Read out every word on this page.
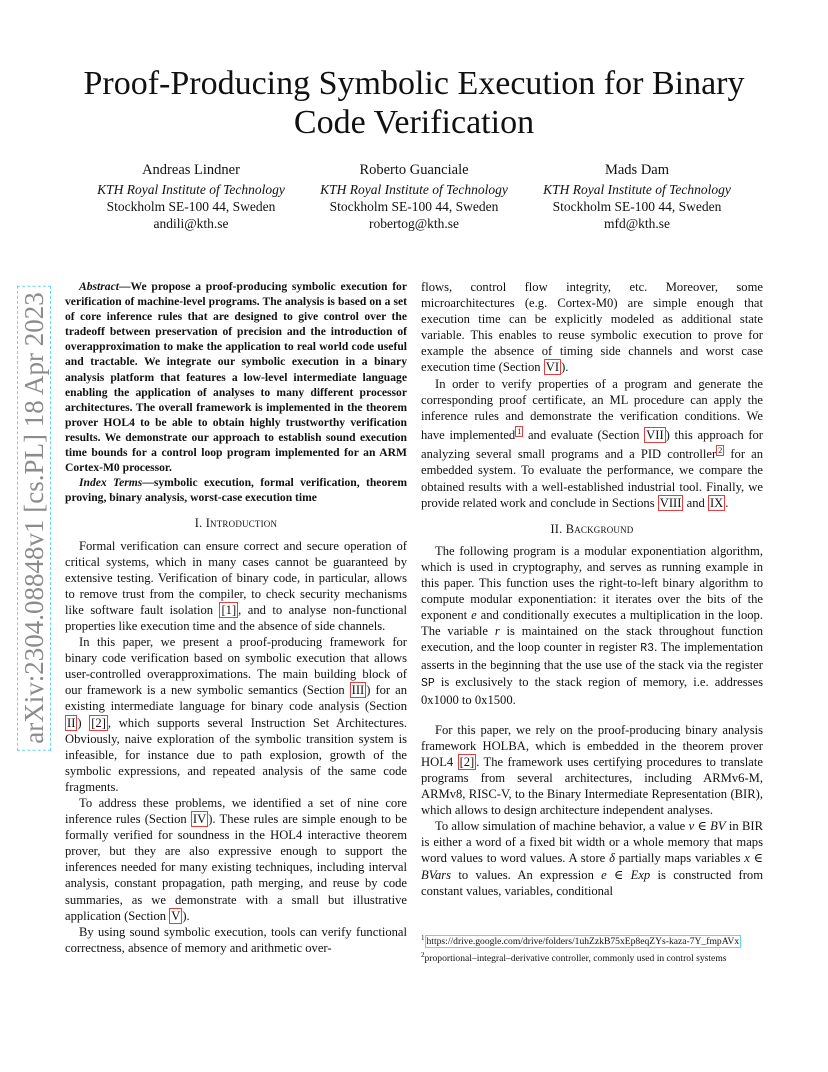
arXiv:2304.08848v1 [cs.PL] 18 Apr 2023
Proof-Producing Symbolic Execution for Binary Code Verification
Andreas Lindner
KTH Royal Institute of Technology
Stockholm SE-100 44, Sweden
andili@kth.se
Roberto Guanciale
KTH Royal Institute of Technology
Stockholm SE-100 44, Sweden
robertog@kth.se
Mads Dam
KTH Royal Institute of Technology
Stockholm SE-100 44, Sweden
mfd@kth.se

Abstract—We propose a proof-producing symbolic execution for verification of machine-level programs. The analysis is based on a set of core inference rules that are designed to give control over the tradeoff between preservation of precision and the introduction of overapproximation to make the application to real world code useful and tractable. We integrate our symbolic execution in a binary analysis platform that features a low-level intermediate language enabling the application of analyses to many different processor architectures. The overall framework is implemented in the theorem prover HOL4 to be able to obtain highly trustworthy verification results. We demonstrate our approach to establish sound execution time bounds for a control loop program implemented for an ARM Cortex-M0 processor.

Index Terms—symbolic execution, formal verification, theorem proving, binary analysis, worst-case execution time

I. Introduction

Formal verification can ensure correct and secure operation of critical systems, which in many cases cannot be guaranteed by extensive testing. Verification of binary code, in particular, allows to remove trust from the compiler, to check security mechanisms like software fault isolation [1] , and to analyse non-functional properties like execution time and the absence of side channels.

In this paper, we present a proof-producing framework for binary code verification based on symbolic execution that allows user-controlled overapproximations. The main building block of our framework is a new symbolic semantics (Section III ) for an existing intermediate language for binary code analysis (Section II ) [2] , which supports several Instruction Set Architectures. Obviously, naive exploration of the symbolic transition system is infeasible, for instance due to path explosion, growth of the symbolic expressions, and repeated analysis of the same code fragments.

To address these problems, we identified a set of nine core inference rules (Section IV ). These rules are simple enough to be formally verified for soundness in the HOL4 interactive theorem prover, but they are also expressive enough to support the inferences needed for many existing techniques, including interval analysis, constant propagation, path merging, and reuse by code summaries, as we demonstrate with a small but illustrative application (Section V ).

By using sound symbolic execution, tools can verify functional correctness, absence of memory and arithmetic over-

flows, control flow integrity, etc. Moreover, some microarchitectures (e.g. Cortex-M0) are simple enough that execution time can be explicitly modeled as additional state variable. This enables to reuse symbolic execution to prove for example the absence of timing side channels and worst case execution time (Section VI ).

In order to verify properties of a program and generate the corresponding proof certificate, an ML procedure can apply the inference rules and demonstrate the verification conditions. We have implemented $^1$ and evaluate (Section VII ) this approach for analyzing several small programs and a PID controller $^2$ for an embedded system. To evaluate the performance, we compare the obtained results with a well-established industrial tool. Finally, we provide related work and conclude in Sections VIII and IX .

II. Background

The following program is a modular exponentiation algorithm, which is used in cryptography, and serves as running example in this paper. This function uses the right-to-left binary algorithm to compute modular exponentiation: it iterates over the bits of the exponent e and conditionally executes a multiplication in the loop. The variable r is maintained on the stack throughout function execution, and the loop counter in register R3. The implementation asserts in the beginning that the use use of the stack via the register SP is exclusively to the stack region of memory, i.e. addresses 0x1000 to 0x1500.

For this paper, we rely on the proof-producing binary analysis framework HOLBA, which is embedded in the theorem prover HOL4 [2] . The framework uses certifying procedures to translate programs from several architectures, including ARMv6-M, ARMv8, RISC-V, to the Binary Intermediate Representation (BIR), which allows to design architecture independent analyses.

To allow simulation of machine behavior, a value v ∈ BV in BIR is either a word of a fixed bit width or a whole memory that maps word values to word values. A store δ partially maps variables x ∈ BVars to values. An expression e ∈ Exp is constructed from constant values, variables, conditional

$^1$ https://drive.google.com/drive/folders/1uhZzkB75xEp8eqZYs-kaza-7Y_fmpAVx
$^2$proportional–integral–derivative controller, commonly used in control systems
